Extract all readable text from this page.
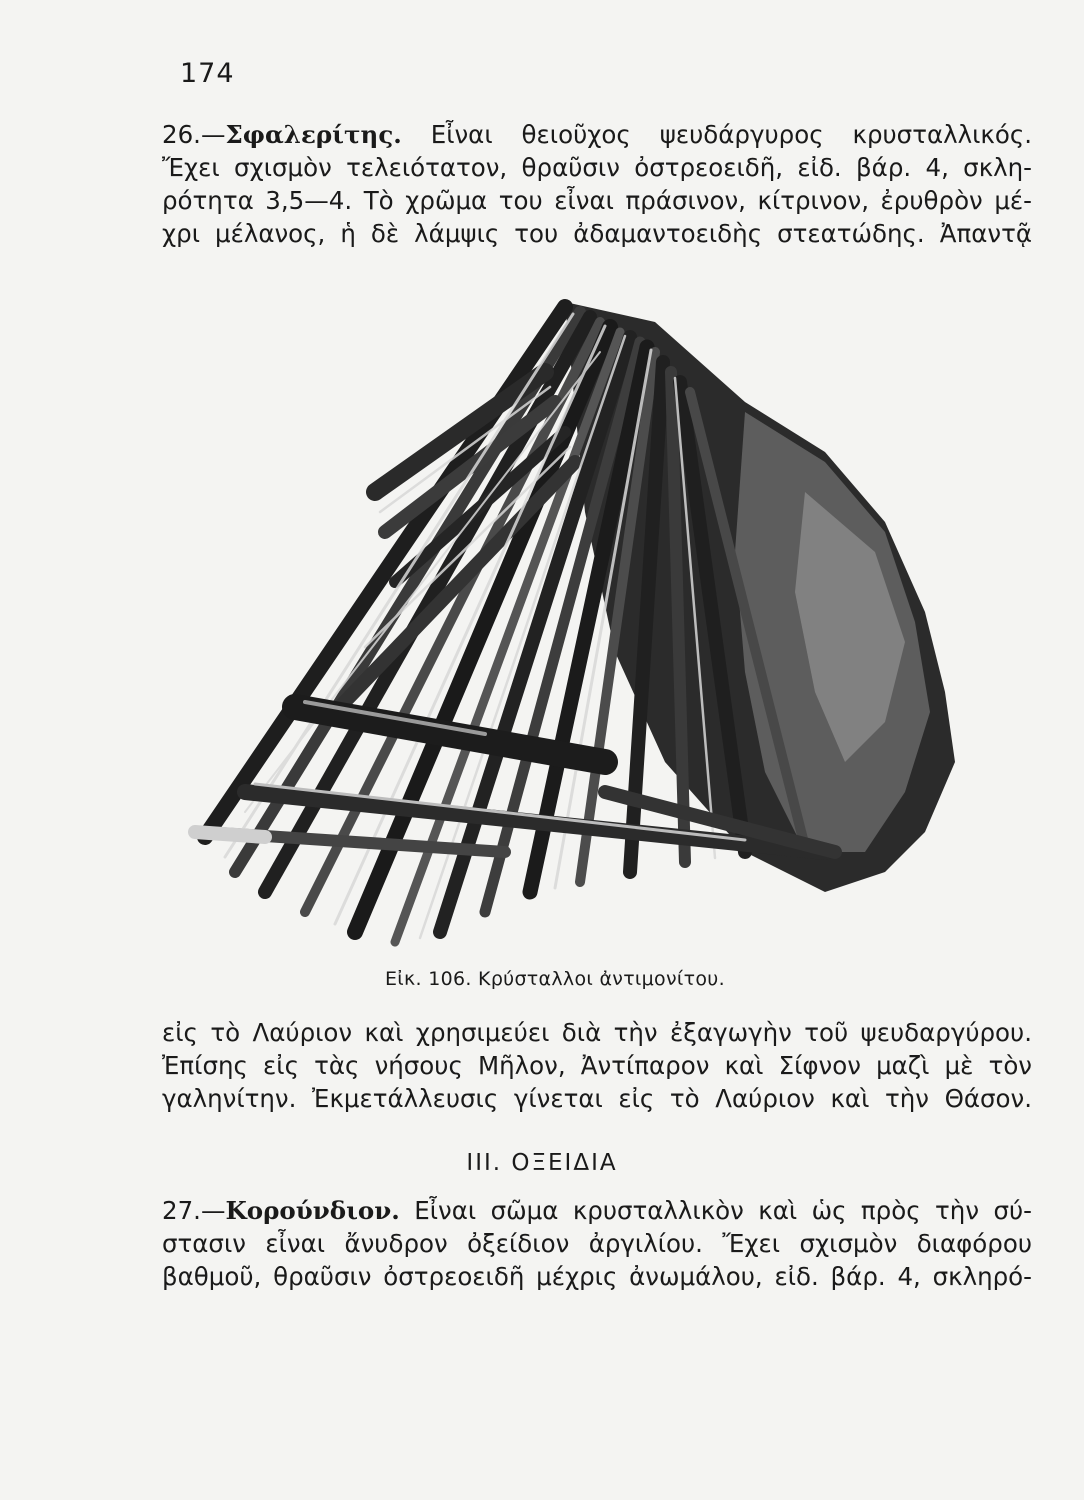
174
26.—Σφαλερίτης. Εἶναι θειοῦχος ψευδάργυρος κρυσταλλικός.
Ἔχει σχισμὸν τελειότατον, θραῦσιν ὀστρεοειδῆ, εἰδ. βάρ. 4, σκλη-
ρότητα 3,5—4. Τὸ χρῶμα του εἶναι πράσινον, κίτρινον, ἐρυθρὸν μέ-
χρι μέλανος, ἡ δὲ λάμψις του ἀδαμαντοειδὴς στεατώδης. Ἀπαντᾷ
Εἰκ. 106. Κρύσταλλοι ἀντιμονίτου.
εἰς τὸ Λαύριον καὶ χρησιμεύει διὰ τὴν ἐξαγωγὴν τοῦ ψευδαργύρου.
Ἐπίσης εἰς τὰς νήσους Μῆλον, Ἀντίπαρον καὶ Σίφνον μαζὶ μὲ τὸν
γαληνίτην. Ἐκμετάλλευσις γίνεται εἰς τὸ Λαύριον καὶ τὴν Θάσον.
ΙΙΙ. ΟΞΕΙΔΙΑ
27.—Κορούνδιον. Εἶναι σῶμα κρυσταλλικὸν καὶ ὡς πρὸς τὴν σύ-
στασιν εἶναι ἄνυδρον ὀξείδιον ἀργιλίου. Ἔχει σχισμὸν διαφόρου
βαθμοῦ, θραῦσιν ὀστρεοειδῆ μέχρις ἀνωμάλου, εἰδ. βάρ. 4, σκληρό-
